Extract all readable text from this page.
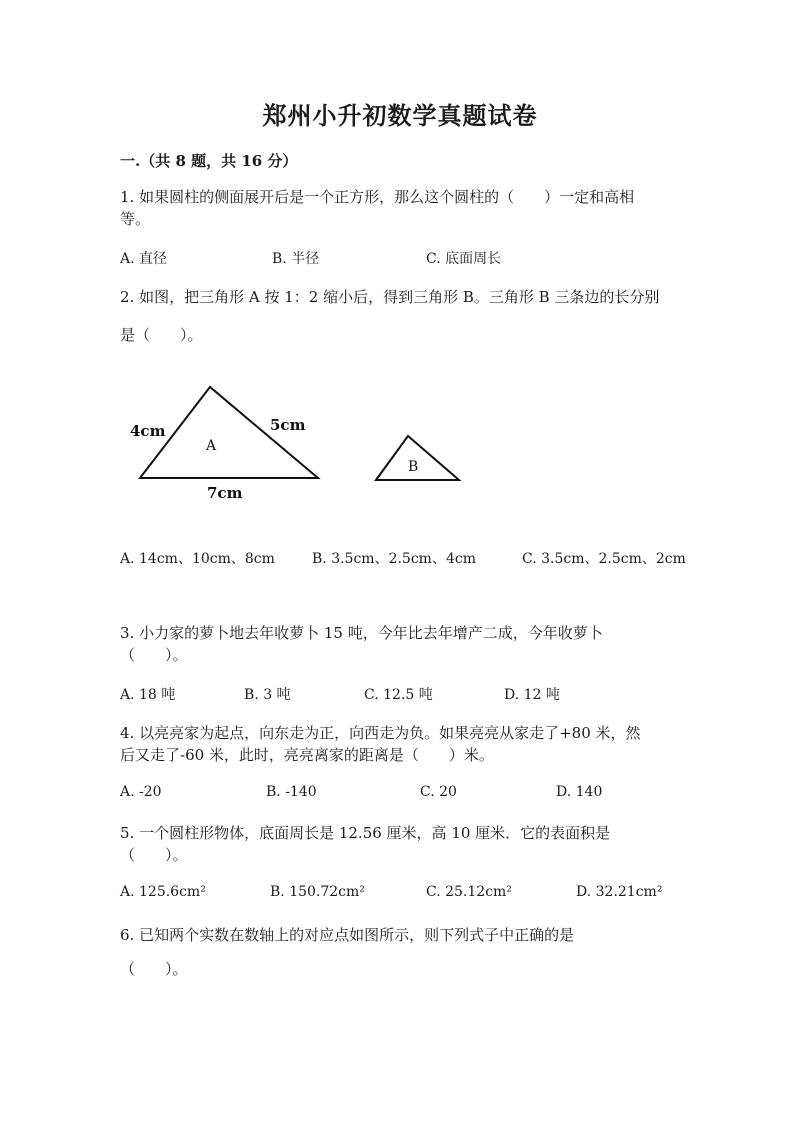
郑州小升初数学真题试卷
一.（共 8 题，共 16 分）
1. 如果圆柱的侧面展开后是一个正方形，那么这个圆柱的（　　）一定和高相
等。
A. 直径	B. 半径	C. 底面周长
2. 如图，把三角形 A 按 1：2 缩小后，得到三角形 B。三角形 B 三条边的长分别
是（　　）。
4cm	5cm
7cm
A
B
A. 14cm、10cm、8cm	B. 3.5cm、2.5cm、4cm	C. 3.5cm、2.5cm、2cm
3. 小力家的萝卜地去年收萝卜 15 吨，今年比去年增产二成，今年收萝卜
（　　）。
A. 18 吨	B. 3 吨	C. 12.5 吨	D. 12 吨
4. 以亮亮家为起点，向东走为正，向西走为负。如果亮亮从家走了+80 米，然
后又走了-60 米，此时，亮亮离家的距离是（　　）米。
A. -20	B. -140	C. 20	D. 140
5. 一个圆柱形物体，底面周长是 12.56 厘米，高 10 厘米．它的表面积是
（　　）。
A. 125.6cm²	B. 150.72cm²	C. 25.12cm²	D. 32.21cm²
6. 已知两个实数在数轴上的对应点如图所示，则下列式子中正确的是
（　　）。
